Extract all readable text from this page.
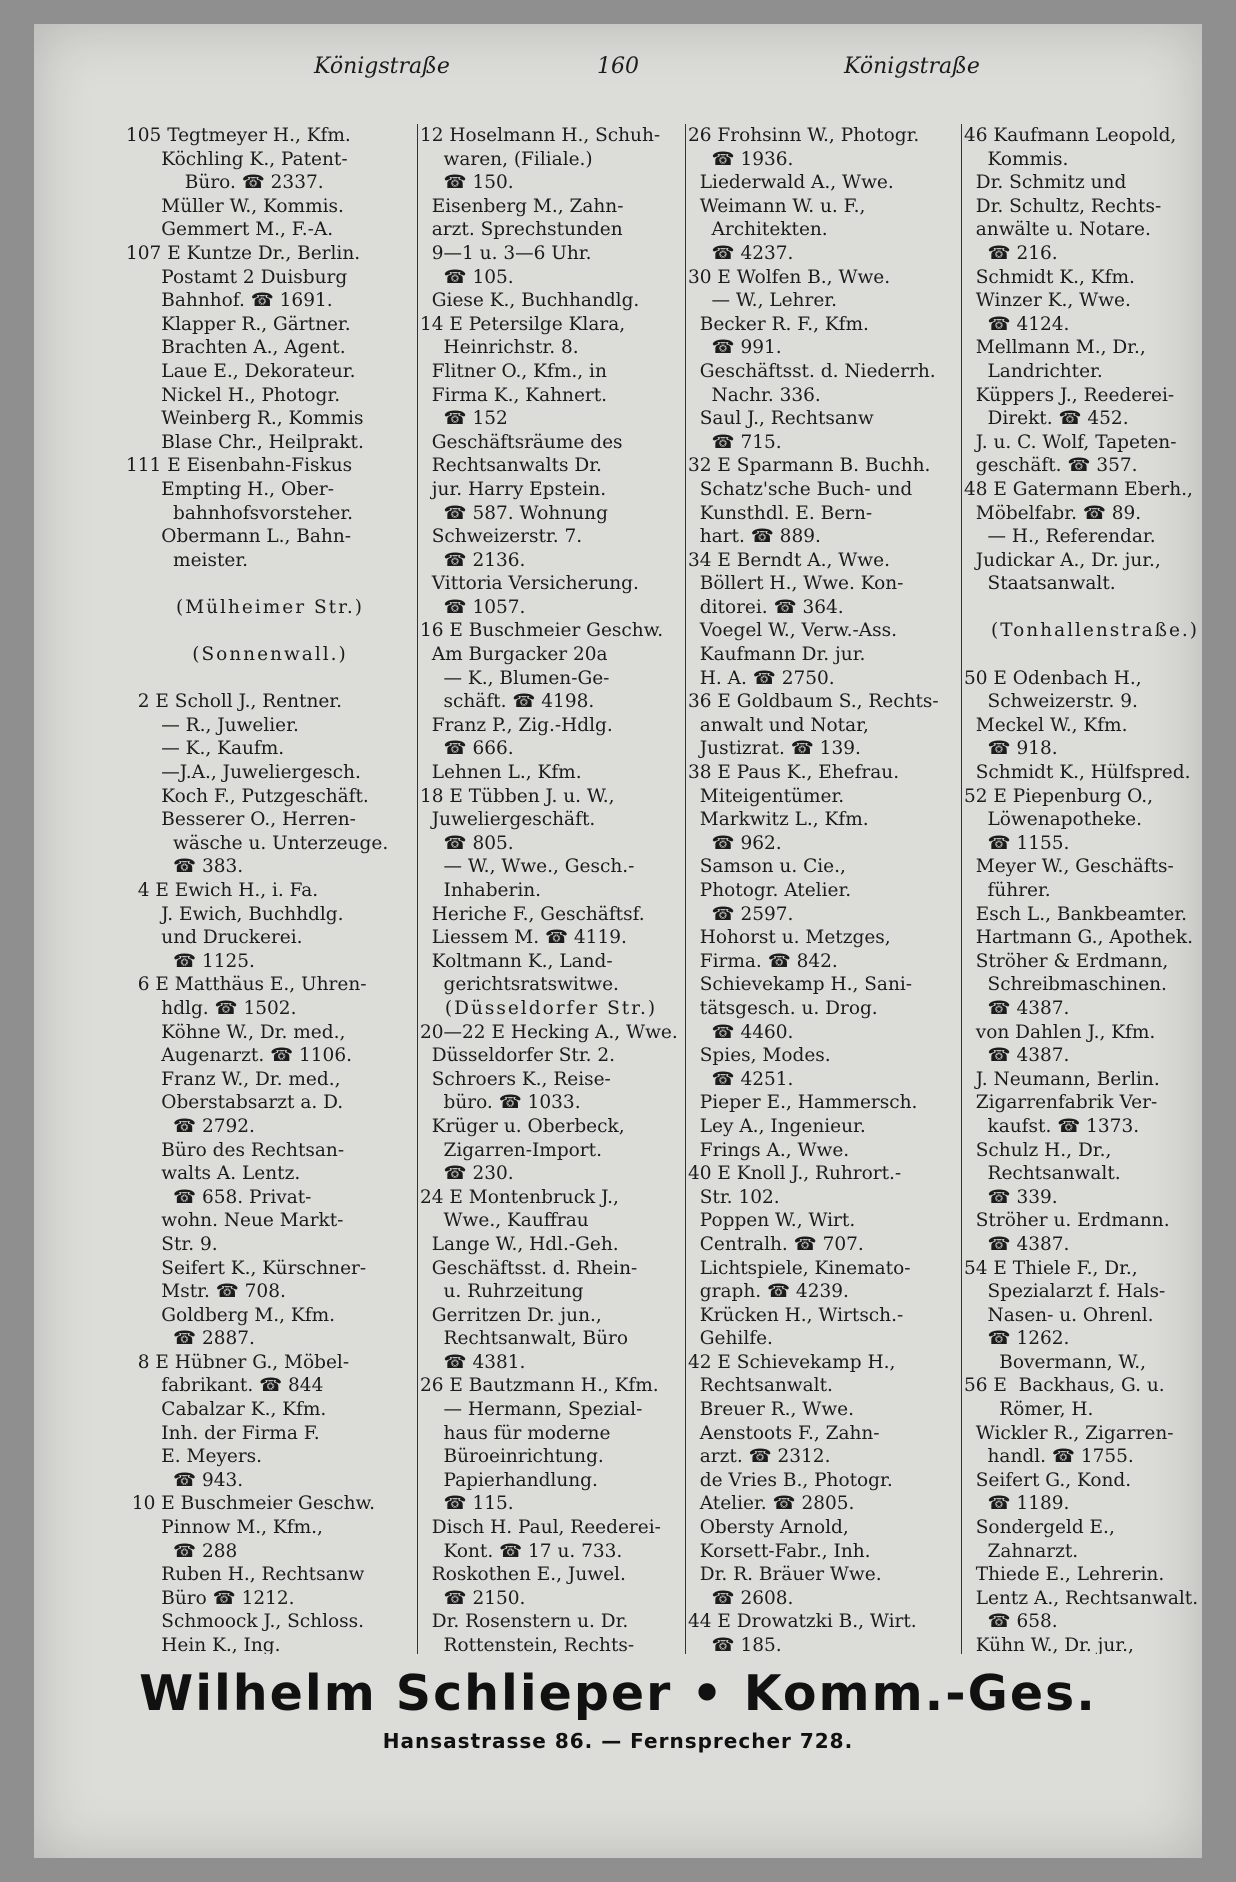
Königstraße	160	Königstraße
105 Tegtmeyer H., Kfm.
Köchling K., Patent-
Büro. ☎ 2337.
Müller W., Kommis.
Gemmert M., F.-A.
107 E Kuntze Dr., Berlin.
Postamt 2 Duisburg
Bahnhof. ☎ 1691.
Klapper R., Gärtner.
Brachten A., Agent.
Laue E., Dekorateur.
Nickel H., Photogr.
Weinberg R., Kommis
Blase Chr., Heilprakt.
111 E Eisenbahn-Fiskus
Empting H., Ober-
bahnhofsvorsteher.
Obermann L., Bahn-
meister.
(Mülheimer Str.)
(Sonnenwall.)
2 E Scholl J., Rentner.
— R., Juwelier.
— K., Kaufm.
—J.A., Juweliergesch.
Koch F., Putzgeschäft.
Besserer O., Herren-
wäsche u. Unterzeuge.
☎ 383.
4 E Ewich H., i. Fa.
J. Ewich, Buchhdlg.
und Druckerei.
☎ 1125.
6 E Matthäus E., Uhren-
hdlg. ☎ 1502.
Köhne W., Dr. med.,
Augenarzt. ☎ 1106.
Franz W., Dr. med.,
Oberstabsarzt a. D.
☎ 2792.
Büro des Rechtsan-
walts A. Lentz.
☎ 658. Privat-
wohn. Neue Markt-
Str. 9.
Seifert K., Kürschner-
Mstr. ☎ 708.
Goldberg M., Kfm.
☎ 2887.
8 E Hübner G., Möbel-
fabrikant. ☎ 844
Cabalzar K., Kfm.
Inh. der Firma F.
E. Meyers.
☎ 943.
10 E Buschmeier Geschw.
Pinnow M., Kfm.,
☎ 288
Ruben H., Rechtsanw
Büro ☎ 1212.
Schmoock J., Schloss.
Hein K., Ing.
12 Hoselmann H., Schuh-
waren, (Filiale.)
☎ 150.
Eisenberg M., Zahn-
arzt. Sprechstunden
9—1 u. 3—6 Uhr.
☎ 105.
Giese K., Buchhandlg.
14 E Petersilge Klara,
Heinrichstr. 8.
Flitner O., Kfm., in
Firma K., Kahnert.
☎ 152
Geschäftsräume des
Rechtsanwalts Dr.
jur. Harry Epstein.
☎ 587. Wohnung
Schweizerstr. 7.
☎ 2136.
Vittoria Versicherung.
☎ 1057.
16 E Buschmeier Geschw.
Am Burgacker 20a
— K., Blumen-Ge-
schäft. ☎ 4198.
Franz P., Zig.-Hdlg.
☎ 666.
Lehnen L., Kfm.
18 E Tübben J. u. W.,
Juweliergeschäft.
☎ 805.
— W., Wwe., Gesch.-
Inhaberin.
Heriche F., Geschäftsf.
Liessem M. ☎ 4119.
Koltmann K., Land-
gerichtsratswitwe.
(Düsseldorfer Str.)
20—22 E Hecking A., Wwe.
Düsseldorfer Str. 2.
Schroers K., Reise-
büro. ☎ 1033.
Krüger u. Oberbeck,
Zigarren-Import.
☎ 230.
24 E Montenbruck J.,
Wwe., Kauffrau
Lange W., Hdl.-Geh.
Geschäftsst. d. Rhein-
u. Ruhrzeitung
Gerritzen Dr. jun.,
Rechtsanwalt, Büro
☎ 4381.
26 E Bautzmann H., Kfm.
— Hermann, Spezial-
haus für moderne
Büroeinrichtung.
Papierhandlung.
☎ 115.
Disch H. Paul, Reederei-
Kont. ☎ 17 u. 733.
Roskothen E., Juwel.
☎ 2150.
Dr. Rosenstern u. Dr.
Rottenstein, Rechts-
26 Frohsinn W., Photogr.
☎ 1936.
Liederwald A., Wwe.
Weimann W. u. F.,
Architekten.
☎ 4237.
30 E Wolfen B., Wwe.
— W., Lehrer.
Becker R. F., Kfm.
☎ 991.
Geschäftsst. d. Niederrh.
Nachr. 336.
Saul J., Rechtsanw
☎ 715.
32 E Sparmann B. Buchh.
Schatz'sche Buch- und
Kunsthdl. E. Bern-
hart. ☎ 889.
34 E Berndt A., Wwe.
Böllert H., Wwe. Kon-
ditorei. ☎ 364.
Voegel W., Verw.-Ass.
Kaufmann Dr. jur.
H. A. ☎ 2750.
36 E Goldbaum S., Rechts-
anwalt und Notar,
Justizrat. ☎ 139.
38 E Paus K., Ehefrau.
Miteigentümer.
Markwitz L., Kfm.
☎ 962.
Samson u. Cie.,
Photogr. Atelier.
☎ 2597.
Hohorst u. Metzges,
Firma. ☎ 842.
Schievekamp H., Sani-
tätsgesch. u. Drog.
☎ 4460.
Spies, Modes.
☎ 4251.
Pieper E., Hammersch.
Ley A., Ingenieur.
Frings A., Wwe.
40 E Knoll J., Ruhrort.-
Str. 102.
Poppen W., Wirt.
Centralh. ☎ 707.
Lichtspiele, Kinemato-
graph. ☎ 4239.
Krücken H., Wirtsch.-
Gehilfe.
42 E Schievekamp H.,
Rechtsanwalt.
Breuer R., Wwe.
Aenstoots F., Zahn-
arzt. ☎ 2312.
de Vries B., Photogr.
Atelier. ☎ 2805.
Obersty Arnold,
Korsett-Fabr., Inh.
Dr. R. Bräuer Wwe.
☎ 2608.
44 E Drowatzki B., Wirt.
☎ 185.
46 Kaufmann Leopold,
Kommis.
Dr. Schmitz und
Dr. Schultz, Rechts-
anwälte u. Notare.
☎ 216.
Schmidt K., Kfm.
Winzer K., Wwe.
☎ 4124.
Mellmann M., Dr.,
Landrichter.
Küppers J., Reederei-
Direkt. ☎ 452.
J. u. C. Wolf, Tapeten-
geschäft. ☎ 357.
48 E Gatermann Eberh.,
Möbelfabr. ☎ 89.
— H., Referendar.
Judickar A., Dr. jur.,
Staatsanwalt.
(Tonhallenstraße.)
50 E Odenbach H.,
Schweizerstr. 9.
Meckel W., Kfm.
☎ 918.
Schmidt K., Hülfspred.
52 E Piepenburg O.,
Löwenapotheke.
☎ 1155.
Meyer W., Geschäfts-
führer.
Esch L., Bankbeamter.
Hartmann G., Apothek.
Ströher & Erdmann,
Schreibmaschinen.
☎ 4387.
von Dahlen J., Kfm.
☎ 4387.
J. Neumann, Berlin.
Zigarrenfabrik Ver-
kaufst. ☎ 1373.
Schulz H., Dr.,
Rechtsanwalt.
☎ 339.
Ströher u. Erdmann.
☎ 4387.
54 E Thiele F., Dr.,
Spezialarzt f. Hals-
Nasen- u. Ohrenl.
☎ 1262.
Bovermann, W.,
56 E  Backhaus, G. u.
Römer, H.
Wickler R., Zigarren-
handl. ☎ 1755.
Seifert G., Kond.
☎ 1189.
Sondergeld E.,
Zahnarzt.
Thiede E., Lehrerin.
Lentz A., Rechtsanwalt.
☎ 658.
Kühn W., Dr. jur.,
Wilhelm Schlieper • Komm.-Ges.
Hansastrasse 86. — Fernsprecher 728.
